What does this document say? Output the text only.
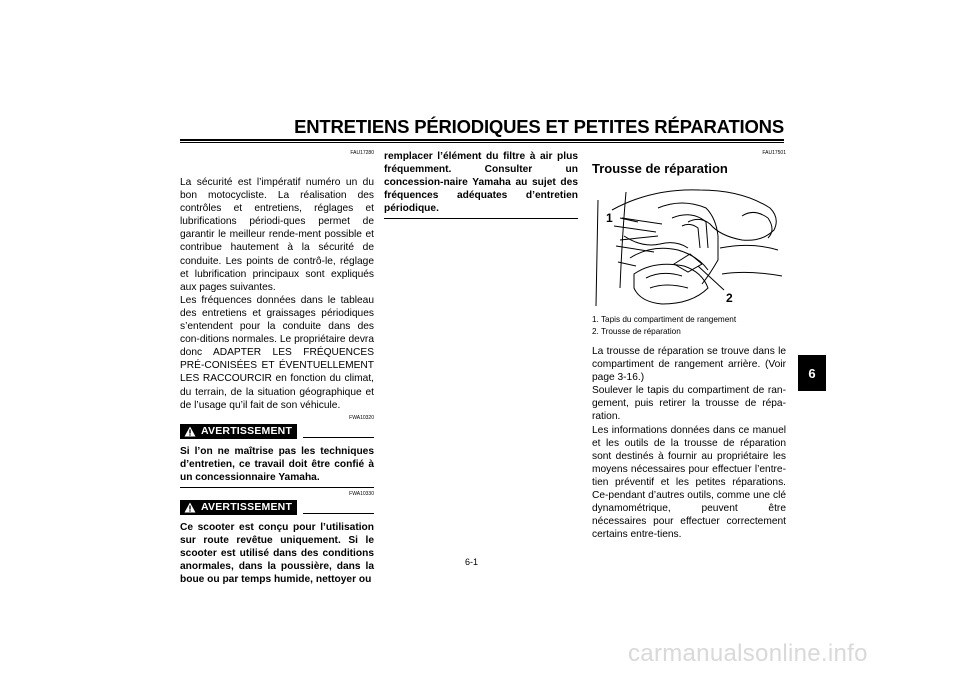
ENTRETIENS PÉRIODIQUES ET PETITES RÉPARATIONS
6
FAU17280

La sécurité est l’impératif numéro un du bon motocycliste. La réalisation des contrôles et entretiens, réglages et lubrifications périodi-ques permet de garantir le meilleur rende-ment possible et contribue hautement à la sécurité de conduite. Les points de contrô-le, réglage et lubrification principaux sont expliqués aux pages suivantes.

Les fréquences données dans le tableau des entretiens et graissages périodiques s’entendent pour la conduite dans des con-ditions normales. Le propriétaire devra donc ADAPTER LES FRÉQUENCES PRÉ-CONISÉES ET ÉVENTUELLEMENT LES RACCOURCIR en fonction du climat, du terrain, de la situation géographique et de l’usage qu’il fait de son véhicule.

FWA10320
AVERTISSEMENT
Si l’on ne maîtrise pas les techniques d’entretien, ce travail doit être confié à un concessionnaire Yamaha.
FWA10330
AVERTISSEMENT
Ce scooter est conçu pour l’utilisation sur route revêtue uniquement. Si le scooter est utilisé dans des conditions anormales, dans la poussière, dans la boue ou par temps humide, nettoyer ou
remplacer l’élément du filtre à air plus fréquemment. Consulter un concession-naire Yamaha au sujet des fréquences adéquates d’entretien périodique.
FAU17501
Trousse de réparation
1
2
1. Tapis du compartiment de rangement
2. Trousse de réparation

La trousse de réparation se trouve dans le compartiment de rangement arrière. (Voir page 3-16.)

Soulever le tapis du compartiment de ran-gement, puis retirer la trousse de répa-ration.

Les informations données dans ce manuel et les outils de la trousse de réparation sont destinés à fournir au propriétaire les moyens nécessaires pour effectuer l’entre-tien préventif et les petites réparations. Ce-pendant d’autres outils, comme une clé dynamométrique, peuvent être nécessaires pour effectuer correctement certains entre-tiens.

6-1
carmanualsonline.info
